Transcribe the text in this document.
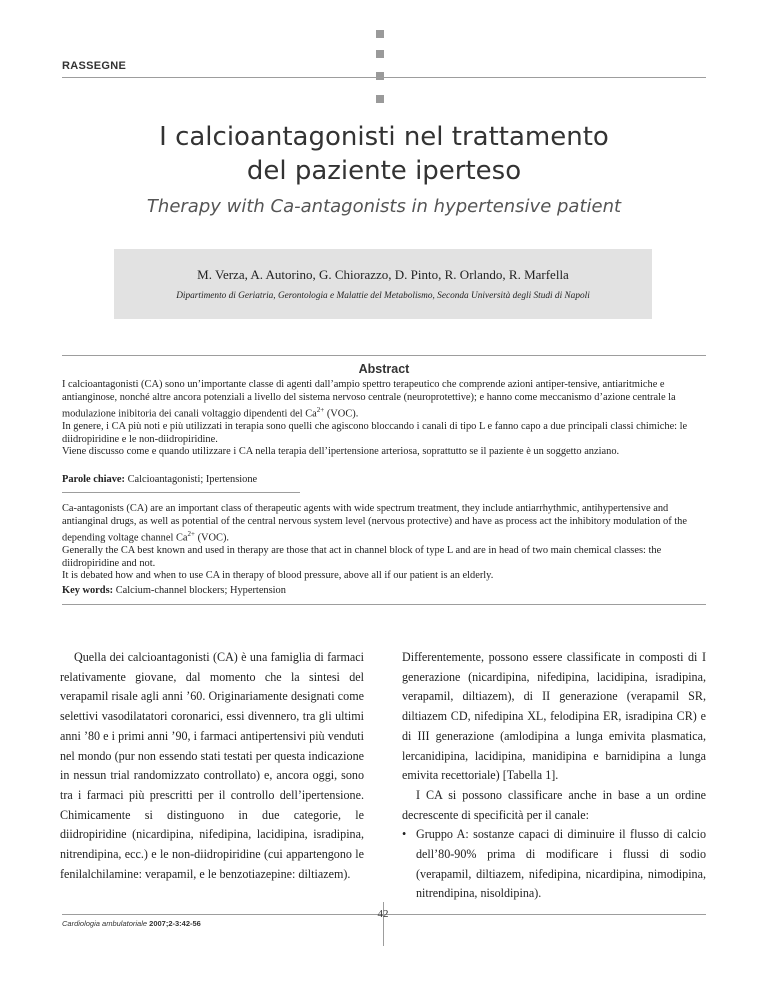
RASSEGNE
I calcioantagonisti nel trattamento
del paziente iperteso
Therapy with Ca-antagonists in hypertensive patient
M. Verza, A. Autorino, G. Chiorazzo, D. Pinto, R. Orlando, R. Marfella
Dipartimento di Geriatria, Gerontologia e Malattie del Metabolismo, Seconda Università degli Studi di Napoli
Abstract

I calcioantagonisti (CA) sono un’importante classe di agenti dall’ampio spettro terapeutico che comprende azioni antiper-tensive, antiaritmiche e antianginose, nonché altre ancora potenziali a livello del sistema nervoso centrale (neuroprotettive); e hanno come meccanismo d’azione centrale la modulazione inibitoria dei canali voltaggio dipendenti del $Ca^{2+}$ (VOC).

In genere, i CA più noti e più utilizzati in terapia sono quelli che agiscono bloccando i canali di tipo L e fanno capo a due principali classi chimiche: le diidropiridine e le non-diidropiridine.

Viene discusso come e quando utilizzare i CA nella terapia dell’ipertensione arteriosa, soprattutto se il paziente è un soggetto anziano.

Parole chiave: Calcioantagonisti; Ipertensione

Ca-antagonists (CA) are an important class of therapeutic agents with wide spectrum treatment, they include antiarrhythmic, antihypertensive and antianginal drugs, as well as potential of the central nervous system level (nervous protective) and have as process act the inhibitory modulation of the depending voltage channel $Ca^{2+}$ (VOC).

Generally the CA best known and used in therapy are those that act in channel block of type L and are in head of two main chemical classes: the diidropiridine and not.

It is debated how and when to use CA in therapy of blood pressure, above all if our patient is an elderly.

Key words: Calcium-channel blockers; Hypertension

Quella dei calcioantagonisti (CA) è una famiglia di farmaci relativamente giovane, dal momento che la sintesi del verapamil risale agli anni ’60. Originariamente designati come selettivi vasodilatatori coronarici, essi divennero, tra gli ultimi anni ’80 e i primi anni ’90, i farmaci antipertensivi più venduti nel mondo (pur non essendo stati testati per questa indicazione in nessun trial randomizzato controllato) e, ancora oggi, sono tra i farmaci più prescritti per il controllo dell’ipertensione. Chimicamente si distinguono in due categorie, le diidropiridine (nicardipina, nifedipina, lacidipina, isradipina, nitrendipina, ecc.) e le non-diidropiridine (cui appartengono le fenilalchilamine: verapamil, e le benzotiazepine: diltiazem).

Differentemente, possono essere classificate in composti di I generazione (nicardipina, nifedipina, lacidipina, isradipina, verapamil, diltiazem), di II generazione (verapamil SR, diltiazem CD, nifedipina XL, felodipina ER, isradipina CR) e di III generazione (amlodipina a lunga emivita plasmatica, lercanidipina, lacidipina, manidipina e barnidipina a lunga emivita recettoriale) [Tabella 1].

I CA si possono classificare anche in base a un ordine decrescente di specificità per il canale:

• Gruppo A: sostanze capaci di diminuire il flusso di calcio dell’80-90% prima di modificare i flussi di sodio (verapamil, diltiazem, nifedipina, nicardipina, nimodipina, nitrendipina, nisoldipina).
42
Cardiologia ambulatoriale 2007;2-3:42-56
